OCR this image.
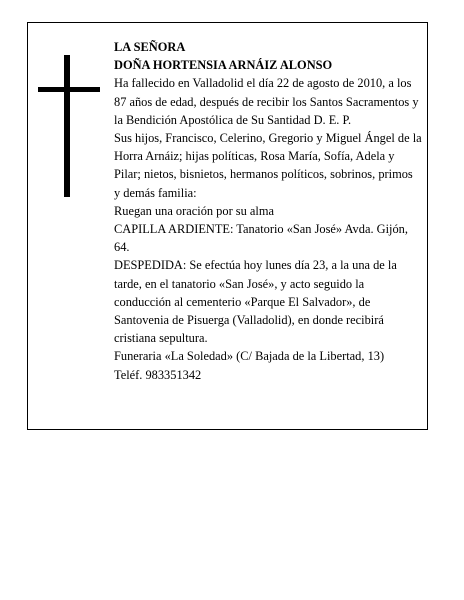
LA SEÑORA

DOÑA HORTENSIA ARNÁIZ ALONSO

Ha fallecido en Valladolid el día 22 de agosto de 2010, a los 87 años de edad, después de recibir los Santos Sacramentos y la Bendición Apostólica de Su Santidad D. E. P.

Sus hijos, Francisco, Celerino, Gregorio y Miguel Ángel de la Horra Arnáiz; hijas políticas, Rosa María, Sofía, Adela y Pilar; nietos, bisnietos, hermanos políticos, sobrinos, primos y demás familia:

Ruegan una oración por su alma

CAPILLA ARDIENTE: Tanatorio «San José» Avda. Gijón, 64.

DESPEDIDA: Se efectúa hoy lunes día 23, a la una de la tarde, en el tanatorio «San José», y acto seguido la conducción al cementerio «Parque El Salvador», de Santovenia de Pisuerga (Valladolid), en donde recibirá cristiana sepultura.

Funeraria «La Soledad» (C/ Bajada de la Libertad, 13)

Teléf. 983351342
